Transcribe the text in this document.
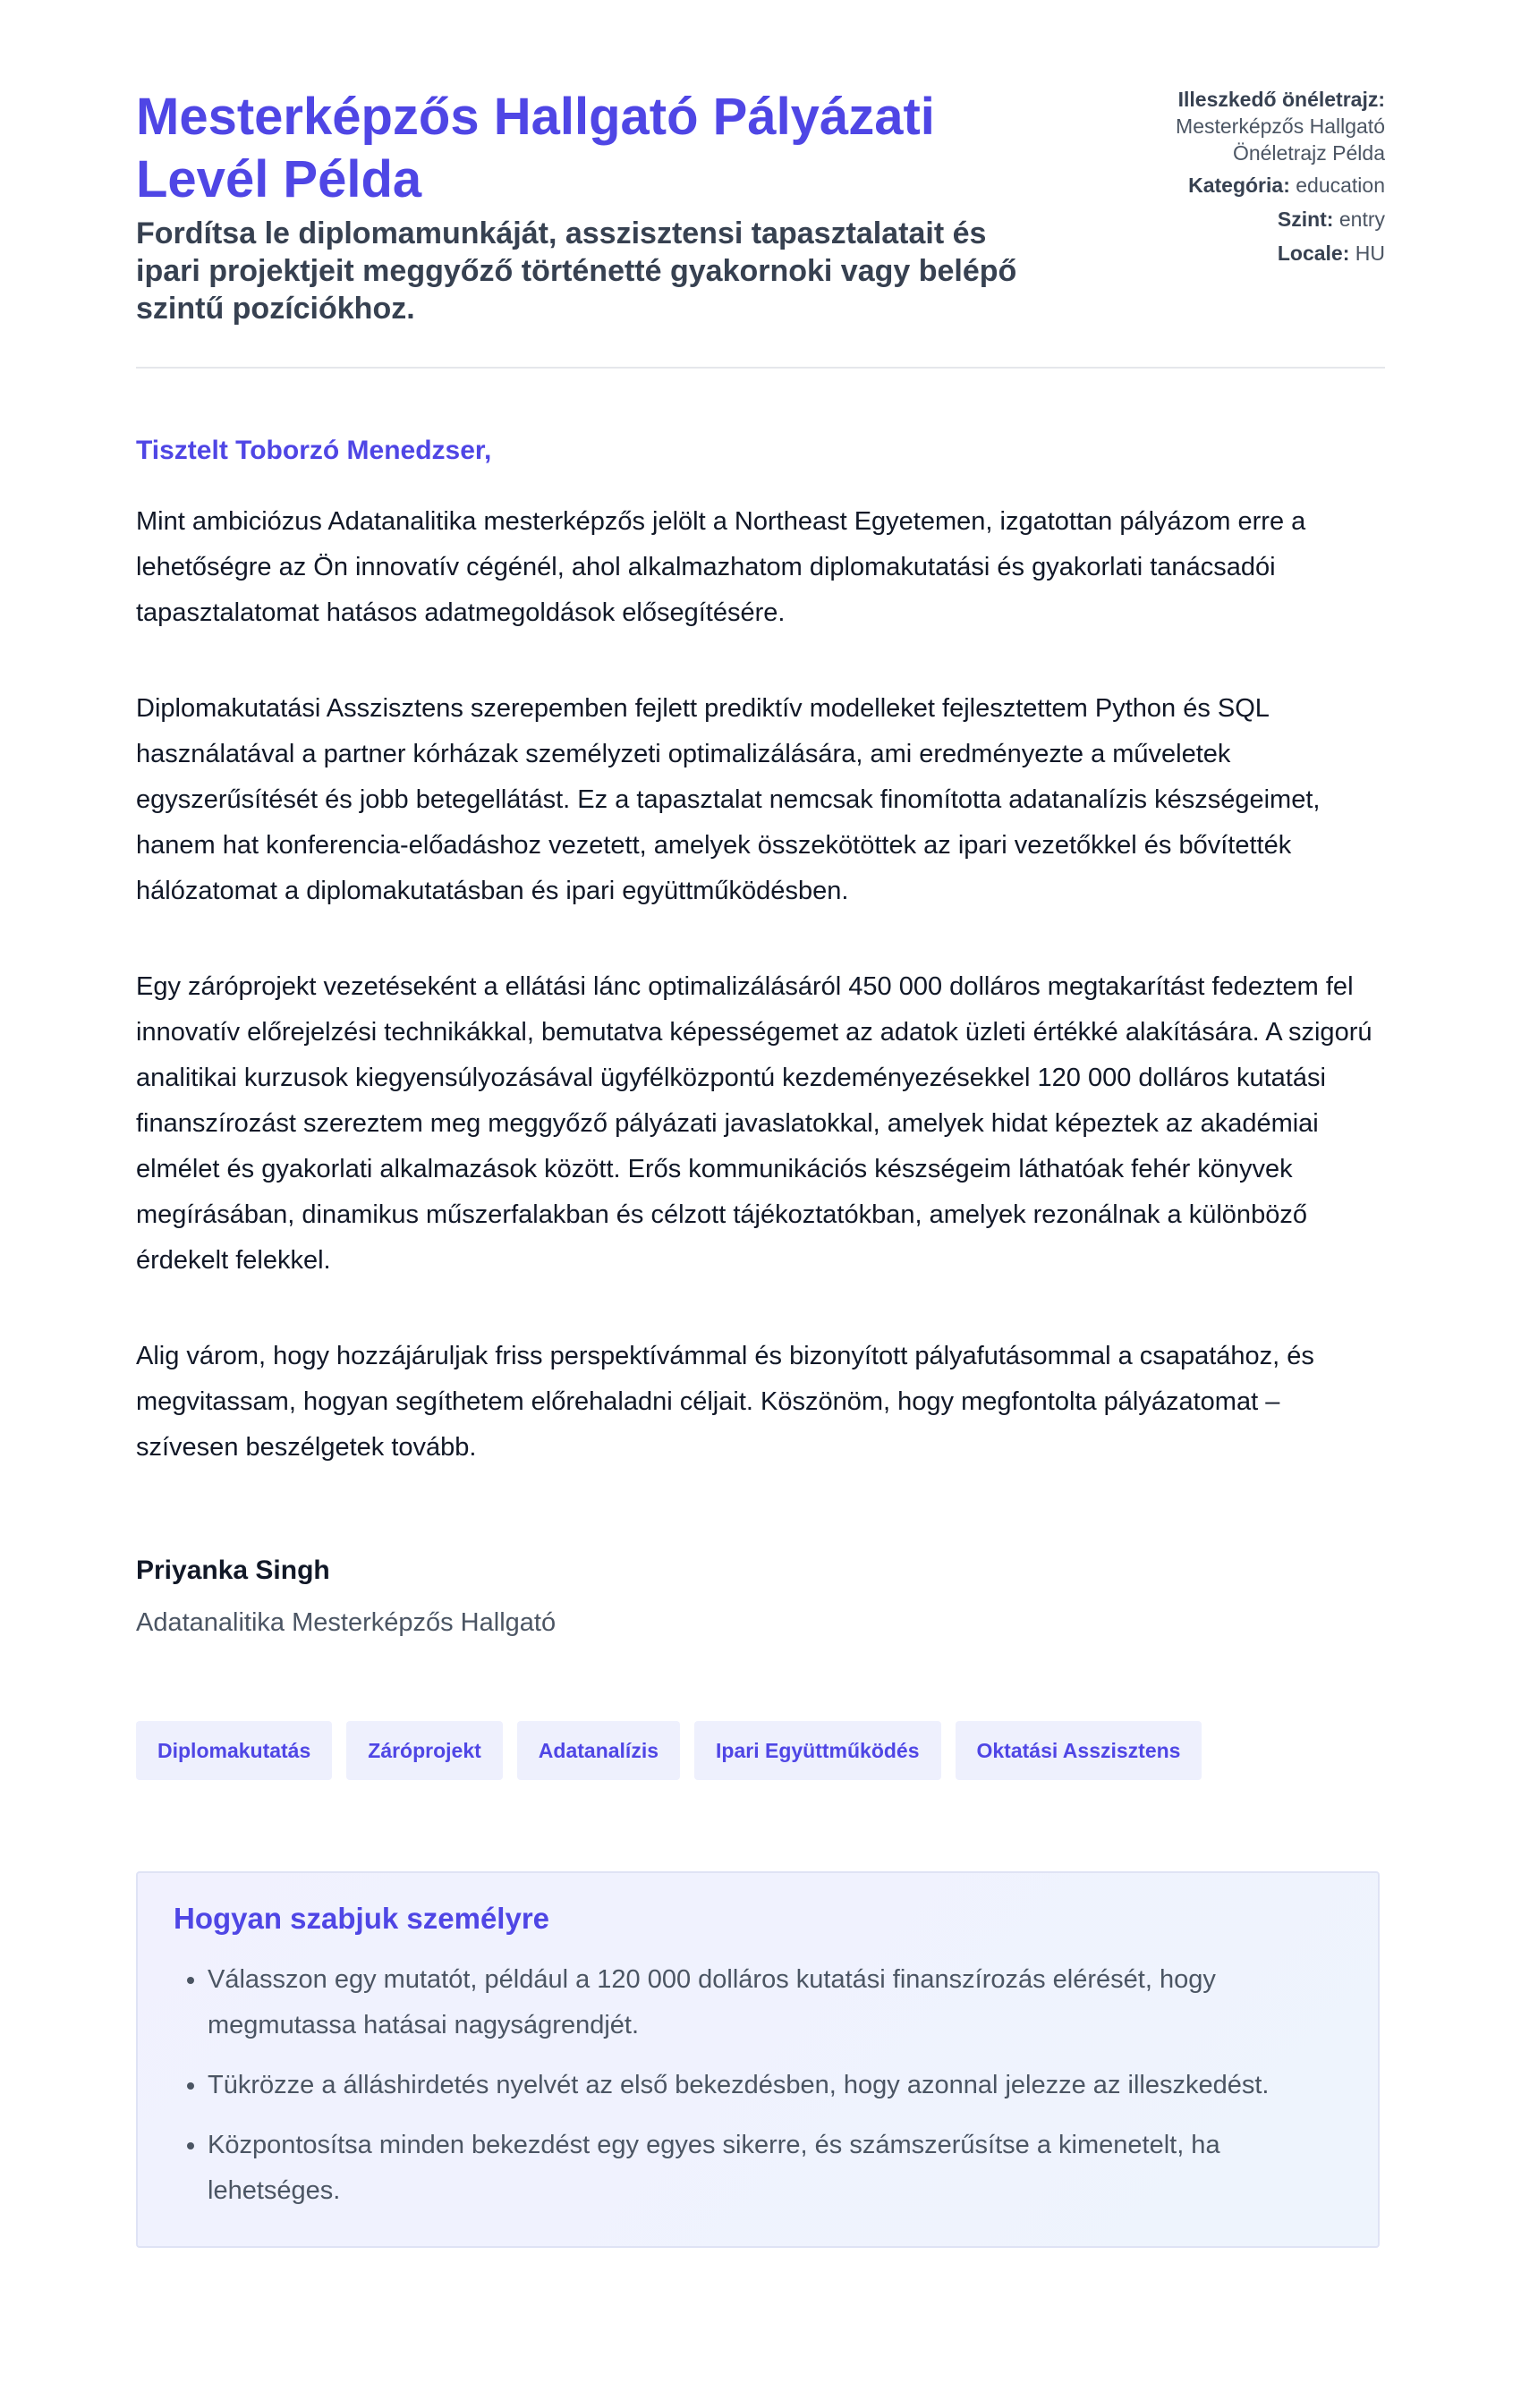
Mesterképzős Hallgató Pályázati Levél Példa

Fordítsa le diplomamunkáját, asszisztensi tapasztalatait és ipari projektjeit meggyőző történetté gyakornoki vagy belépő szintű pozíciókhoz.

Illeszkedő önéletrajz:
Mesterképzős Hallgató Önéletrajz Példa
Kategória: education
Szint: entry
Locale: HU

Tisztelt Toborzó Menedzser,

Mint ambiciózus Adatanalitika mesterképzős jelölt a Northeast Egyetemen, izgatottan pályázom erre a lehetőségre az Ön innovatív cégénél, ahol alkalmazhatom diplomakutatási és gyakorlati tanácsadói tapasztalatomat hatásos adatmegoldások elősegítésére.

Diplomakutatási Asszisztens szerepemben fejlett prediktív modelleket fejlesztettem Python és SQL használatával a partner kórházak személyzeti optimalizálására, ami eredményezte a műveletek egyszerűsítését és jobb betegellátást. Ez a tapasztalat nemcsak finomította adatanalízis készségeimet, hanem hat konferencia-előadáshoz vezetett, amelyek összekötöttek az ipari vezetőkkel és bővítették hálózatomat a diplomakutatásban és ipari együttműködésben.

Egy záróprojekt vezetéseként a ellátási lánc optimalizálásáról 450 000 dolláros megtakarítást fedeztem fel innovatív előrejelzési technikákkal, bemutatva képességemet az adatok üzleti értékké alakítására. A szigorú analitikai kurzusok kiegyensúlyozásával ügyfélközpontú kezdeményezésekkel 120 000 dolláros kutatási finanszírozást szereztem meg meggyőző pályázati javaslatokkal, amelyek hidat képeztek az akadémiai elmélet és gyakorlati alkalmazások között. Erős kommunikációs készségeim láthatóak fehér könyvek megírásában, dinamikus műszerfalakban és célzott tájékoztatókban, amelyek rezonálnak a különböző érdekelt felekkel.

Alig várom, hogy hozzájáruljak friss perspektívámmal és bizonyított pályafutásommal a csapatához, és megvitassam, hogyan segíthetem előrehaladni céljait. Köszönöm, hogy megfontolta pályázatomat – szívesen beszélgetek tovább.

Priyanka Singh
Adatanalitika Mesterképzős Hallgató
Diplomakutatás	Záróprojekt	Adatanalízis	Ipari Együttműködés	Oktatási Asszisztens
Hogyan szabjuk személyre
• Válasszon egy mutatót, például a 120 000 dolláros kutatási finanszírozás elérését, hogy megmutassa hatásai nagyságrendjét.
• Tükrözze a álláshirdetés nyelvét az első bekezdésben, hogy azonnal jelezze az illeszkedést.
• Központosítsa minden bekezdést egy egyes sikerre, és számszerűsítse a kimenetelt, ha lehetséges.
